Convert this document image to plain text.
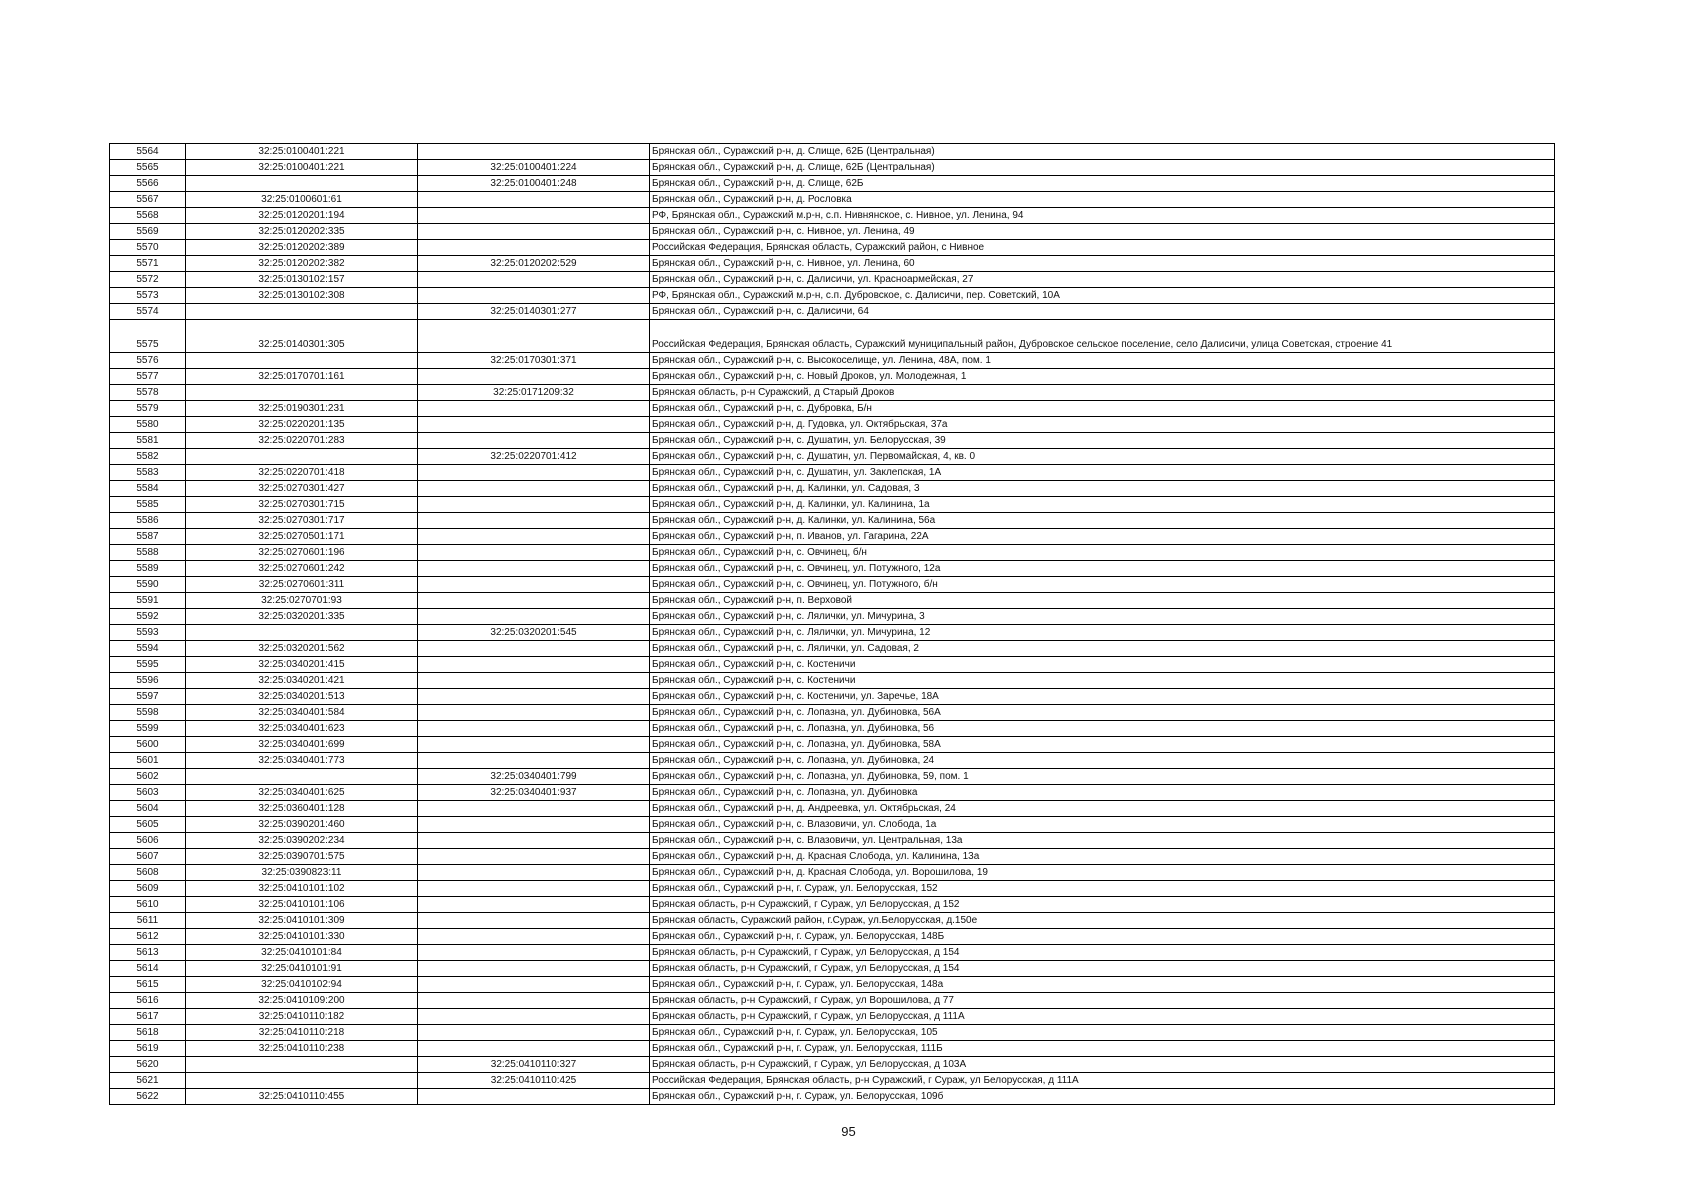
5564	32:25:0100401:221		Брянская обл., Суражский р-н, д. Слище, 62Б (Центральная)
5565	32:25:0100401:221	32:25:0100401:224	Брянская обл., Суражский р-н, д. Слище, 62Б (Центральная)
5566		32:25:0100401:248	Брянская обл., Суражский р-н, д. Слище, 62Б
5567	32:25:0100601:61		Брянская обл., Суражский р-н, д. Рословка
5568	32:25:0120201:194		РФ, Брянская обл., Суражский м.р-н, с.п. Нивнянское, с. Нивное, ул. Ленина, 94
5569	32:25:0120202:335		Брянская обл., Суражский р-н, с. Нивное, ул. Ленина, 49
5570	32:25:0120202:389		Российская Федерация, Брянская область, Суражский район, с Нивное
5571	32:25:0120202:382	32:25:0120202:529	Брянская обл., Суражский р-н, с. Нивное, ул. Ленина, 60
5572	32:25:0130102:157		Брянская обл., Суражский р-н, с. Далисичи, ул. Красноармейская, 27
5573	32:25:0130102:308		РФ, Брянская обл., Суражский м.р-н, с.п. Дубровское, с. Далисичи, пер. Советский, 10А
5574		32:25:0140301:277	Брянская обл., Суражский р-н, с. Далисичи, 64
5575	32:25:0140301:305		Российская Федерация, Брянская область, Суражский муниципальный район, Дубровское сельское поселение, село Далисичи, улица Советская, строение 41
5576		32:25:0170301:371	Брянская обл., Суражский р-н, с. Высокоселище, ул. Ленина, 48А, пом. 1
5577	32:25:0170701:161		Брянская обл., Суражский р-н, с. Новый Дроков, ул. Молодежная, 1
5578		32:25:0171209:32	Брянская область, р-н Суражский, д Старый Дроков
5579	32:25:0190301:231		Брянская обл., Суражский р-н, с. Дубровка, Б/н
5580	32:25:0220201:135		Брянская обл., Суражский р-н, д. Гудовка, ул. Октябрьская, 37а
5581	32:25:0220701:283		Брянская обл., Суражский р-н, с. Душатин, ул. Белорусская, 39
5582		32:25:0220701:412	Брянская обл., Суражский р-н, с. Душатин, ул. Первомайская, 4, кв. 0
5583	32:25:0220701:418		Брянская обл., Суражский р-н, с. Душатин, ул. Заклепская, 1А
5584	32:25:0270301:427		Брянская обл., Суражский р-н, д. Калинки, ул. Садовая, 3
5585	32:25:0270301:715		Брянская обл., Суражский р-н, д. Калинки, ул. Калинина, 1а
5586	32:25:0270301:717		Брянская обл., Суражский р-н, д. Калинки, ул. Калинина, 56а
5587	32:25:0270501:171		Брянская обл., Суражский р-н, п. Иванов, ул. Гагарина, 22А
5588	32:25:0270601:196		Брянская обл., Суражский р-н, с. Овчинец, б/н
5589	32:25:0270601:242		Брянская обл., Суражский р-н, с. Овчинец, ул. Потужного, 12а
5590	32:25:0270601:311		Брянская обл., Суражский р-н, с. Овчинец, ул. Потужного, б/н
5591	32:25:0270701:93		Брянская обл., Суражский р-н, п. Верховой
5592	32:25:0320201:335		Брянская обл., Суражский р-н, с. Лялички, ул. Мичурина, 3
5593		32:25:0320201:545	Брянская обл., Суражский р-н, с. Лялички, ул. Мичурина, 12
5594	32:25:0320201:562		Брянская обл., Суражский р-н, с. Лялички, ул. Садовая, 2
5595	32:25:0340201:415		Брянская обл., Суражский р-н, с. Костеничи
5596	32:25:0340201:421		Брянская обл., Суражский р-н, с. Костеничи
5597	32:25:0340201:513		Брянская обл., Суражский р-н, с. Костеничи, ул. Заречье, 18А
5598	32:25:0340401:584		Брянская обл., Суражский р-н, с. Лопазна, ул. Дубиновка, 56А
5599	32:25:0340401:623		Брянская обл., Суражский р-н, с. Лопазна, ул. Дубиновка, 56
5600	32:25:0340401:699		Брянская обл., Суражский р-н, с. Лопазна, ул. Дубиновка, 58А
5601	32:25:0340401:773		Брянская обл., Суражский р-н, с. Лопазна, ул. Дубиновка, 24
5602		32:25:0340401:799	Брянская обл., Суражский р-н, с. Лопазна, ул. Дубиновка, 59, пом. 1
5603	32:25:0340401:625	32:25:0340401:937	Брянская обл., Суражский р-н, с. Лопазна, ул. Дубиновка
5604	32:25:0360401:128		Брянская обл., Суражский р-н, д. Андреевка, ул. Октябрьская, 24
5605	32:25:0390201:460		Брянская обл., Суражский р-н, с. Влазовичи, ул. Слобода, 1а
5606	32:25:0390202:234		Брянская обл., Суражский р-н, с. Влазовичи, ул. Центральная, 13а
5607	32:25:0390701:575		Брянская обл., Суражский р-н, д. Красная Слобода, ул. Калинина, 13а
5608	32:25:0390823:11		Брянская обл., Суражский р-н, д. Красная Слобода, ул. Ворошилова, 19
5609	32:25:0410101:102		Брянская обл., Суражский р-н, г. Сураж, ул. Белорусская, 152
5610	32:25:0410101:106		Брянская область, р-н Суражский, г Сураж, ул Белорусская, д 152
5611	32:25:0410101:309		Брянская область, Суражский район, г.Сураж, ул.Белорусская, д.150е
5612	32:25:0410101:330		Брянская обл., Суражский р-н, г. Сураж, ул. Белорусская, 148Б
5613	32:25:0410101:84		Брянская область, р-н Суражский, г Сураж, ул Белорусская, д 154
5614	32:25:0410101:91		Брянская область, р-н Суражский, г Сураж, ул Белорусская, д 154
5615	32:25:0410102:94		Брянская обл., Суражский р-н, г. Сураж, ул. Белорусская, 148а
5616	32:25:0410109:200		Брянская область, р-н Суражский, г Сураж, ул Ворошилова, д 77
5617	32:25:0410110:182		Брянская область, р-н Суражский, г Сураж, ул Белорусская, д 111А
5618	32:25:0410110:218		Брянская обл., Суражский р-н, г. Сураж, ул. Белорусская, 105
5619	32:25:0410110:238		Брянская обл., Суражский р-н, г. Сураж, ул. Белорусская, 111Б
5620		32:25:0410110:327	Брянская область, р-н Суражский, г Сураж, ул Белорусская, д 103А
5621		32:25:0410110:425	Российская Федерация, Брянская область, р-н Суражский, г Сураж, ул Белорусская, д 111А
5622	32:25:0410110:455		Брянская обл., Суражский р-н, г. Сураж, ул. Белорусская, 109б
95
